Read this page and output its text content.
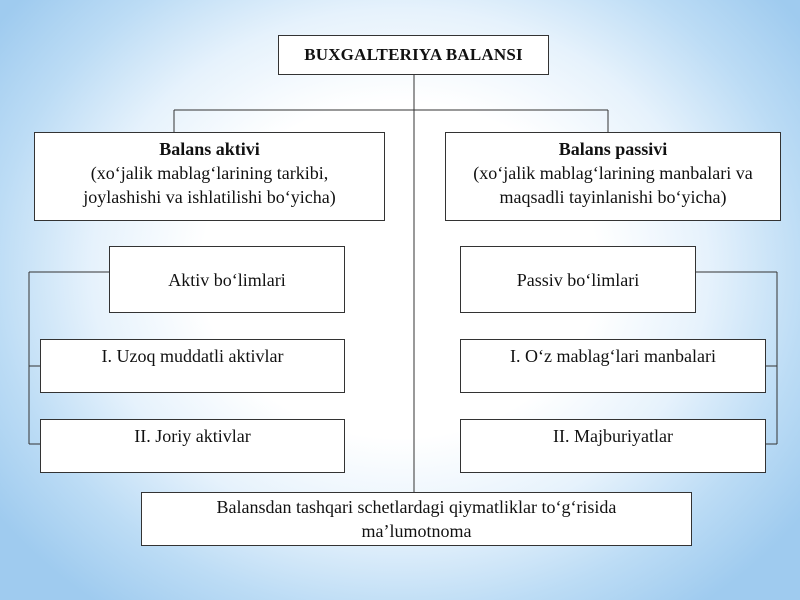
BUXGALTERIYA BALANSI
Balans aktivi
(xo‘jalik mablag‘larining tarkibi,
joylashishi va ishlatilishi bo‘yicha)
Balans passivi
(xo‘jalik mablag‘larining manbalari va
maqsadli tayinlanishi bo‘yicha)
Aktiv bo‘limlari	Passiv bo‘limlari
I. Uzoq muddatli aktivlar	I. O‘z mablag‘lari manbalari
II. Joriy aktivlar	II. Majburiyatlar
Balansdan tashqari schetlardagi qiymatliklar to‘g‘risida
ma’lumotnoma
